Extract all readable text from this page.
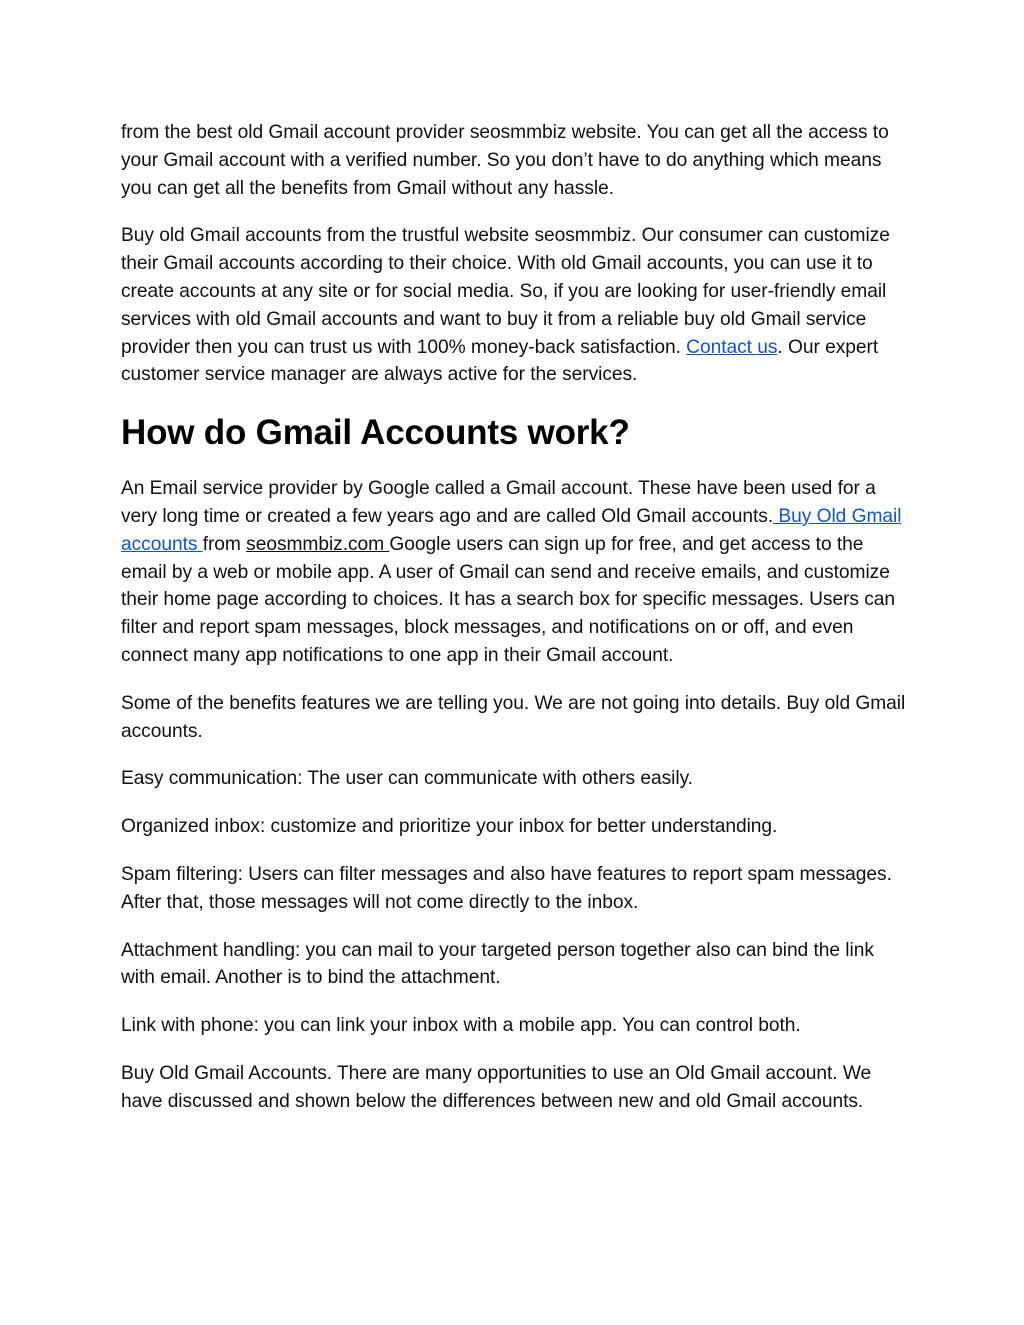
from the best old Gmail account provider seosmmbiz website. You can get all the access to your Gmail account with a verified number. So you don’t have to do anything which means you can get all the benefits from Gmail without any hassle.

Buy old Gmail accounts from the trustful website seosmmbiz. Our consumer can customize their Gmail accounts according to their choice. With old Gmail accounts, you can use it to create accounts at any site or for social media. So, if you are looking for user-friendly email services with old Gmail accounts and want to buy it from a reliable buy old Gmail service provider then you can trust us with 100% money-back satisfaction. Contact us. Our expert customer service manager are always active for the services.

How do Gmail Accounts work?

An Email service provider by Google called a Gmail account. These have been used for a very long time or created a few years ago and are called Old Gmail accounts. Buy Old Gmail accounts from seosmmbiz.com Google users can sign up for free, and get access to the email by a web or mobile app. A user of Gmail can send and receive emails, and customize their home page according to choices. It has a search box for specific messages. Users can filter and report spam messages, block messages, and notifications on or off, and even connect many app notifications to one app in their Gmail account.

Some of the benefits features we are telling you. We are not going into details. Buy old Gmail accounts.

Easy communication: The user can communicate with others easily.

Organized inbox: customize and prioritize your inbox for better understanding.

Spam filtering: Users can filter messages and also have features to report spam messages. After that, those messages will not come directly to the inbox.

Attachment handling: you can mail to your targeted person together also can bind the link with email. Another is to bind the attachment.

Link with phone: you can link your inbox with a mobile app. You can control both.

Buy Old Gmail Accounts. There are many opportunities to use an Old Gmail account. We have discussed and shown below the differences between new and old Gmail accounts.
